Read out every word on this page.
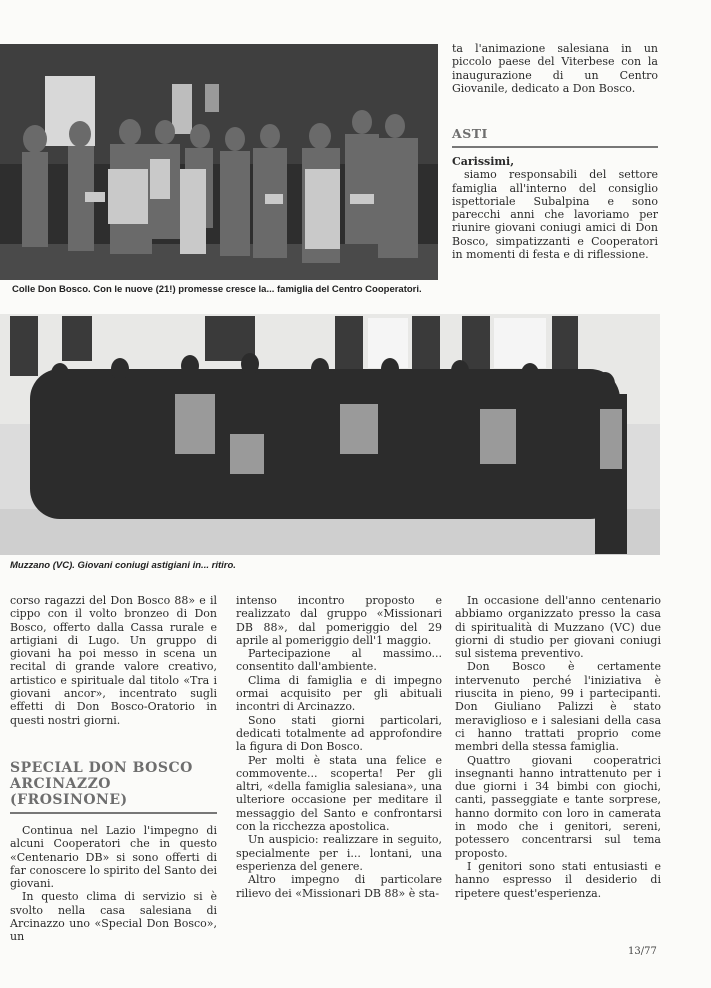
Colle Don Bosco. Con le nuove (21!) promesse cresce la... famiglia del Centro Cooperatori.

ta l'animazione salesiana in un piccolo paese del Viterbese con la inaugurazione di un Centro Giovanile, dedicato a Don Bosco.

ASTI

Carissimi,

siamo responsabili del settore famiglia all'interno del consiglio ispettoriale Subalpina e sono parecchi anni che lavoriamo per riunire giovani coniugi amici di Don Bosco, simpatizzanti e Cooperatori in momenti di festa e di riflessione.

Muzzano (VC). Giovani coniugi astigiani in... ritiro.

corso ragazzi del Don Bosco 88» e il cippo con il volto bronzeo di Don Bosco, offerto dalla Cassa rurale e artigiani di Lugo. Un gruppo di giovani ha poi messo in scena un recital di grande valore creativo, artistico e spirituale dal titolo «Tra i giovani ancor», incentrato sugli effetti di Don Bosco-Oratorio in questi nostri giorni.

SPECIAL DON BOSCO ARCINAZZO (FROSINONE)

Continua nel Lazio l'impegno di alcuni Cooperatori che in questo «Centenario DB» si sono offerti di far conoscere lo spirito del Santo dei giovani.

In questo clima di servizio si è svolto nella casa salesiana di Arcinazzo uno «Special Don Bosco», un

intenso incontro proposto e realizzato dal gruppo «Missionari DB 88», dal pomeriggio del 29 aprile al pomeriggio dell'1 maggio.

Partecipazione al massimo... consentito dall'ambiente.

Clima di famiglia e di impegno ormai acquisito per gli abituali incontri di Arcinazzo.

Sono stati giorni particolari, dedicati totalmente ad approfondire la figura di Don Bosco.

Per molti è stata una felice e commovente... scoperta! Per gli altri, «della famiglia salesiana», una ulteriore occasione per meditare il messaggio del Santo e confrontarsi con la ricchezza apostolica.

Un auspicio: realizzare in seguito, specialmente per i... lontani, una esperienza del genere.

Altro impegno di particolare rilievo dei «Missionari DB 88» è sta-

In occasione dell'anno centenario abbiamo organizzato presso la casa di spiritualità di Muzzano (VC) due giorni di studio per giovani coniugi sul sistema preventivo.

Don Bosco è certamente intervenuto perché l'iniziativa è riuscita in pieno, 99 i partecipanti. Don Giuliano Palizzi è stato meraviglioso e i salesiani della casa ci hanno trattati proprio come membri della stessa famiglia.

Quattro giovani cooperatrici insegnanti hanno intrattenuto per i due giorni i 34 bimbi con giochi, canti, passeggiate e tante sorprese, hanno dormito con loro in camerata in modo che i genitori, sereni, potessero concentrarsi sul tema proposto.

I genitori sono stati entusiasti e hanno espresso il desiderio di ripetere quest'esperienza.

13/77
